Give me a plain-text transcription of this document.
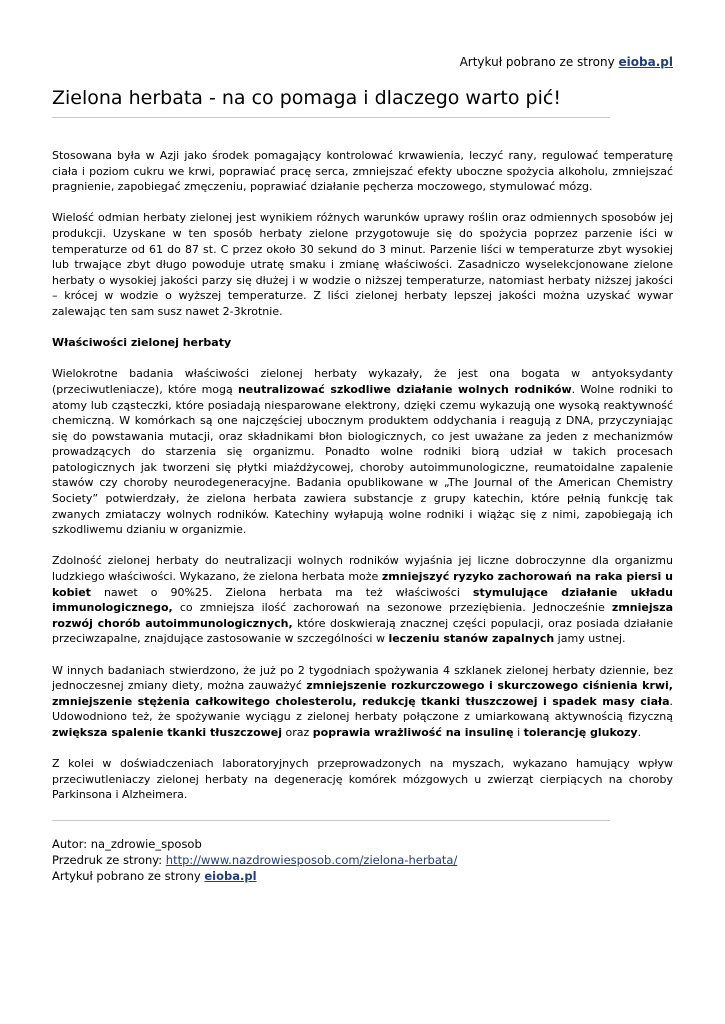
Artykuł pobrano ze strony eioba.pl
Zielona herbata - na co pomaga i dlaczego warto pić!

Stosowana była w Azji jako środek pomagający kontrolować krwawienia, leczyć rany, regulować temperaturę ciała i poziom cukru we krwi, poprawiać pracę serca, zmniejszać efekty uboczne spożycia alkoholu, zmniejszać pragnienie, zapobiegać zmęczeniu, poprawiać działanie pęcherza moczowego, stymulować mózg.

Wielość odmian herbaty zielonej jest wynikiem różnych warunków uprawy roślin oraz odmiennych sposobów jej produkcji. Uzyskane w ten sposób herbaty zielone przygotowuje się do spożycia poprzez parzenie iści w temperaturze od 61 do 87 st. C przez około 30 sekund do 3 minut. Parzenie liści w temperaturze zbyt wysokiej lub trwające zbyt długo powoduje utratę smaku i zmianę właściwości. Zasadniczo wyselekcjonowane zielone herbaty o wysokiej jakości parzy się dłużej i w wodzie o niższej temperaturze, natomiast herbaty niższej jakości – krócej w wodzie o wyższej temperaturze. Z liści zielonej herbaty lepszej jakości można uzyskać wywar zalewając ten sam susz nawet 2-3krotnie.

Właściwości zielonej herbaty

Wielokrotne badania właściwości zielonej herbaty wykazały, że jest ona bogata w antyoksydanty (przeciwutleniacze), które mogą neutralizować szkodliwe działanie wolnych rodników. Wolne rodniki to atomy lub cząsteczki, które posiadają niesparowane elektrony, dzięki czemu wykazują one wysoką reaktywność chemiczną. W komórkach są one najczęściej ubocznym produktem oddychania i reagują z DNA, przyczyniając się do powstawania mutacji, oraz składnikami błon biologicznych, co jest uważane za jeden z mechanizmów prowadzących do starzenia się organizmu. Ponadto wolne rodniki biorą udział w takich procesach patologicznych jak tworzeni się płytki miażdżycowej, choroby autoimmunologiczne, reumatoidalne zapalenie stawów czy choroby neurodegeneracyjne. Badania opublikowane w „The Journal of the American Chemistry Society” potwierdzały, że zielona herbata zawiera substancje z grupy katechin, które pełnią funkcję tak zwanych zmiataczy wolnych rodników. Katechiny wyłapują wolne rodniki i wiążąc się z nimi, zapobiegają ich szkodliwemu dzianiu w organizmie.

Zdolność zielonej herbaty do neutralizacji wolnych rodników wyjaśnia jej liczne dobroczynne dla organizmu ludzkiego właściwości. Wykazano, że zielona herbata może zmniejszyć ryzyko zachorowań na raka piersi u kobiet nawet o 90%25. Zielona herbata ma też właściwości stymulujące działanie układu immunologicznego, co zmniejsza ilość zachorowań na sezonowe przeziębienia. Jednocześnie zmniejsza rozwój chorób autoimmunologicznych, które doskwierają znacznej części populacji, oraz posiada działanie przeciwzapalne, znajdujące zastosowanie w szczególności w leczeniu stanów zapalnych jamy ustnej.

W innych badaniach stwierdzono, że już po 2 tygodniach spożywania 4 szklanek zielonej herbaty dziennie, bez jednoczesnej zmiany diety, można zauważyć zmniejszenie rozkurczowego i skurczowego ciśnienia krwi, zmniejszenie stężenia całkowitego cholesterolu, redukcję tkanki tłuszczowej i spadek masy ciała. Udowodniono też, że spożywanie wyciągu z zielonej herbaty połączone z umiarkowaną aktywnością fizyczną zwiększa spalenie tkanki tłuszczowej oraz poprawia wrażliwość na insulinę i tolerancję glukozy.

Z kolei w doświadczeniach laboratoryjnych przeprowadzonych na myszach, wykazano hamujący wpływ przeciwutleniaczy zielonej herbaty na degenerację komórek mózgowych u zwierząt cierpiących na choroby Parkinsona i Alzheimera.

Autor: na_zdrowie_sposob
Przedruk ze strony: http://www.nazdrowiesposob.com/zielona-herbata/
Artykuł pobrano ze strony eioba.pl
